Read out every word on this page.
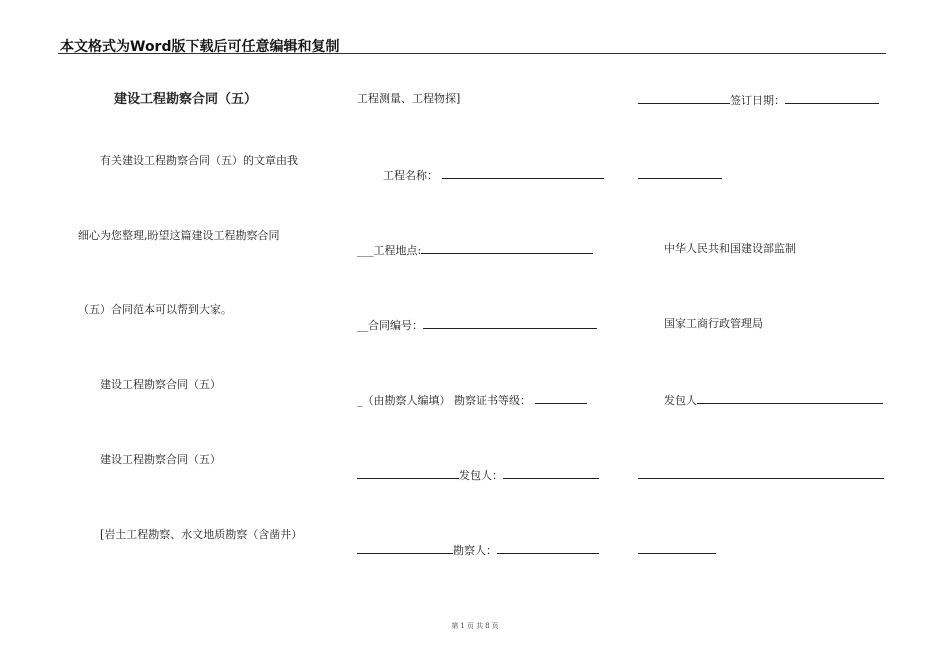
本文格式为Word版下载后可任意编辑和复制
建设工程勘察合同（五）
有关建设工程勘察合同（五）的文章由我
细心为您整理,盼望这篇建设工程勘察合同
（五）合同范本可以帮到大家。
建设工程勘察合同（五）
建设工程勘察合同（五）
[岩土工程勘察、水文地质勘察（含凿井）
工程测量、工程物探]
工程名称：
___工程地点:
__合同编号：
_（由勘察人编填） 勘察证书等级：
发包人：
勘察人：
签订日期：
中华人民共和国建设部监制
国家工商行政管理局
发包人
第 1 页 共 8 页
